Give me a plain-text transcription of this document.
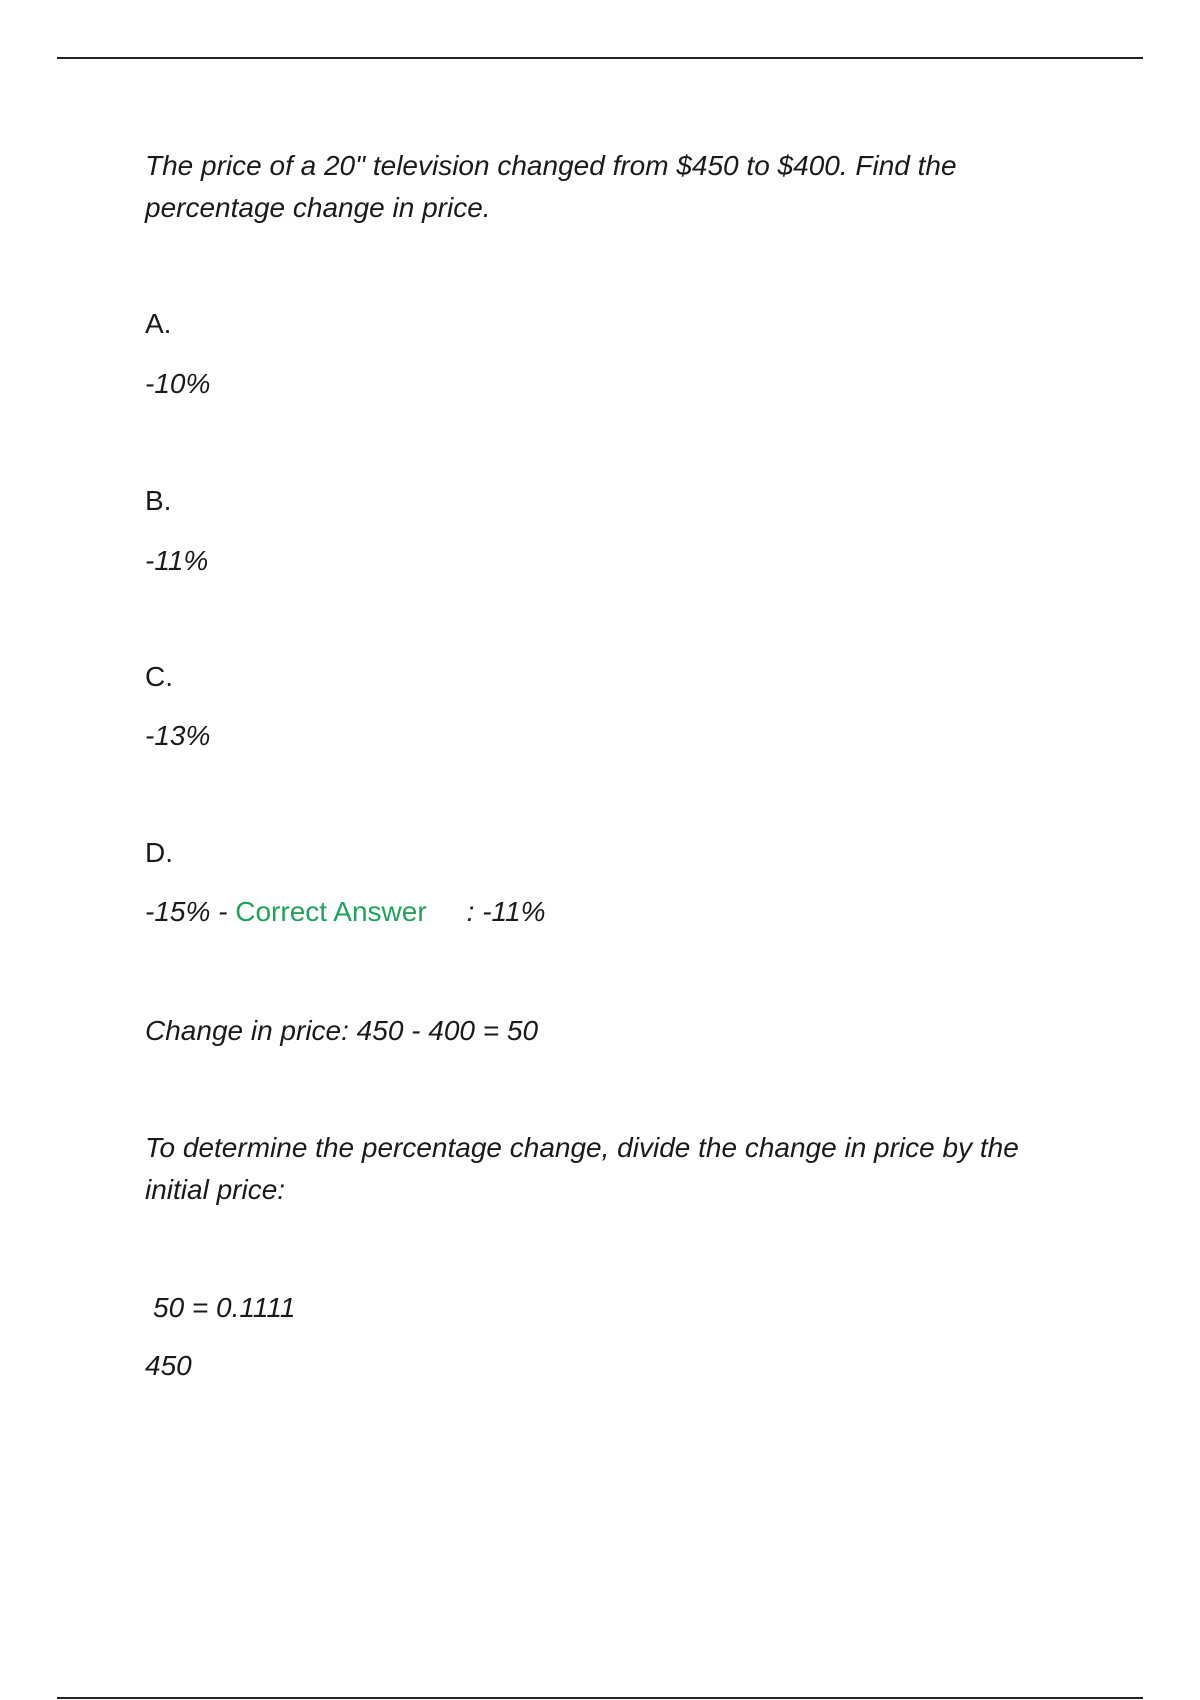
The price of a 20" television changed from $450 to $400. Find the percentage change in price.
A.
-10%
B.
-11%
C.
-13%
D.
-15% - Correct Answer : -11%
Change in price: 450 - 400 = 50
To determine the percentage change, divide the change in price by the initial price:
50 = 0.1111
450
